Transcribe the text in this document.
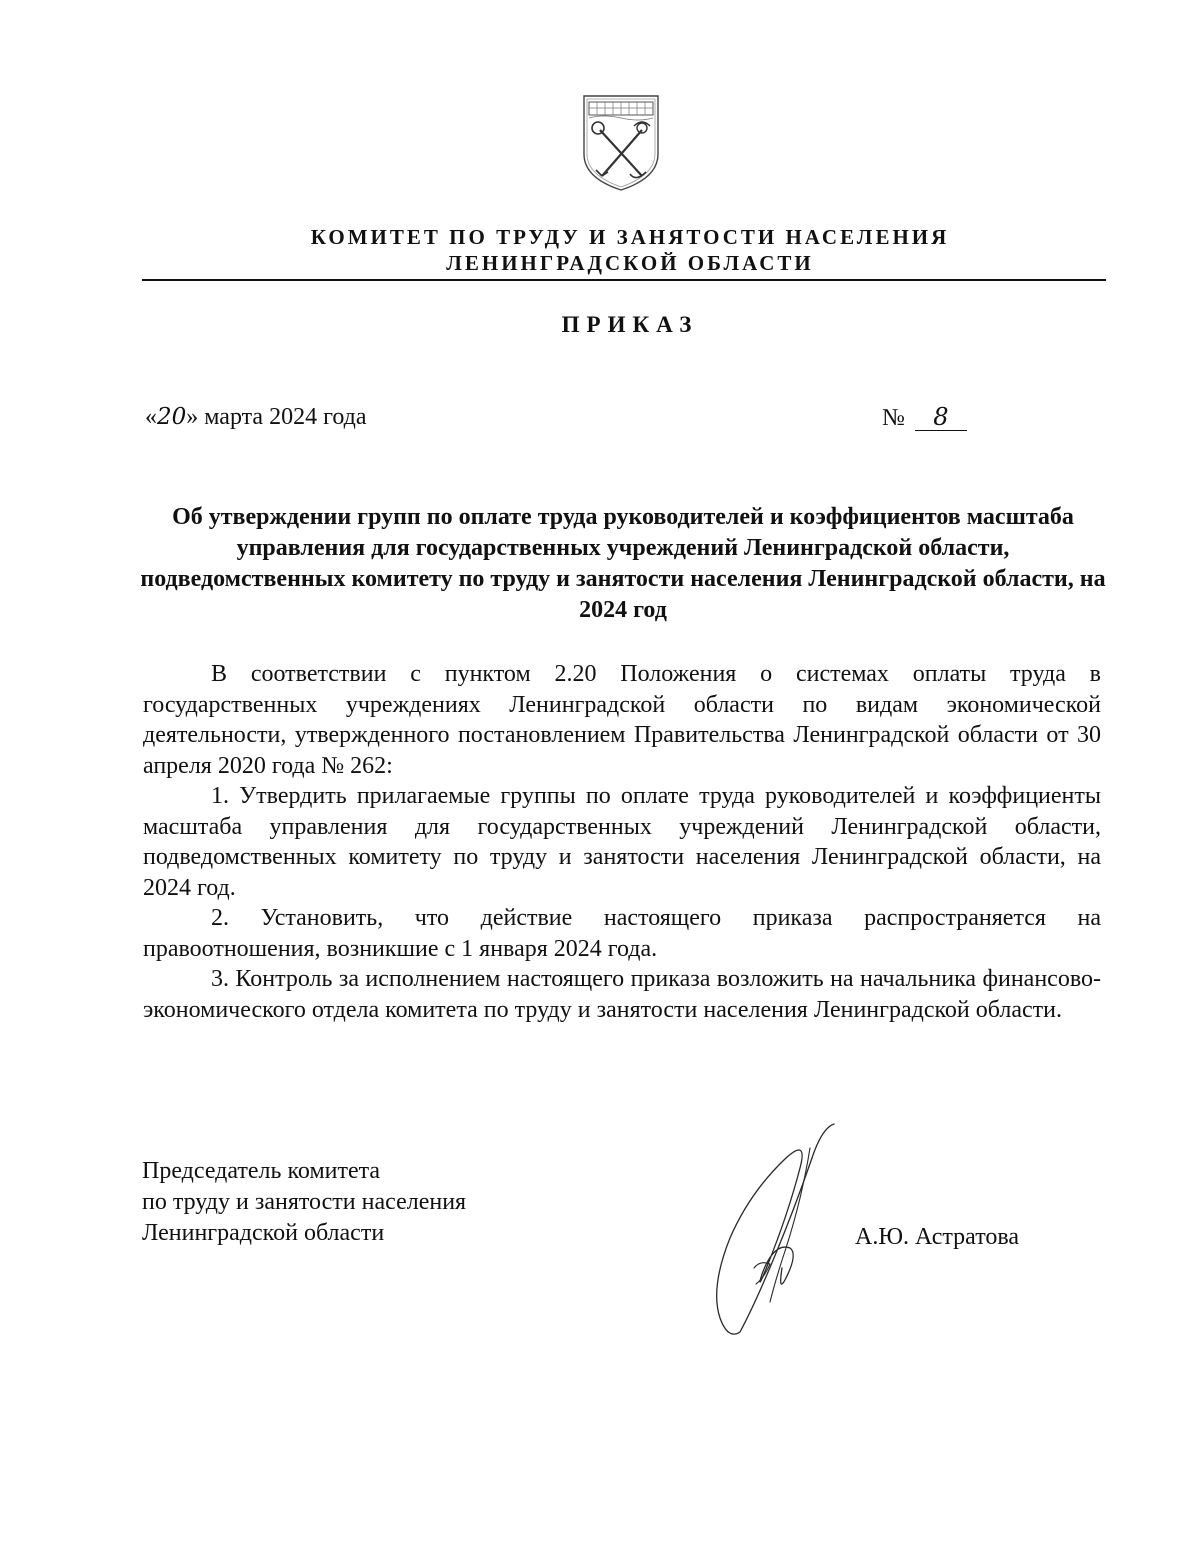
КОМИТЕТ ПО ТРУДУ И ЗАНЯТОСТИ НАСЕЛЕНИЯ
ЛЕНИНГРАДСКОЙ ОБЛАСТИ
ПРИКАЗ
«20» марта 2024 года	№ 8
Об утверждении групп по оплате труда руководителей и коэффициентов масштаба управления для государственных учреждений Ленинградской области, подведомственных комитету по труду и занятости населения Ленинградской области, на 2024 год

В соответствии с пунктом 2.20 Положения о системах оплаты труда в государственных учреждениях Ленинградской области по видам экономической деятельности, утвержденного постановлением Правительства Ленинградской области от 30 апреля 2020 года № 262:

1. Утвердить прилагаемые группы по оплате труда руководителей и коэффициенты масштаба управления для государственных учреждений Ленинградской области, подведомственных комитету по труду и занятости населения Ленинградской области, на 2024 год.

2. Установить, что действие настоящего приказа распространяется на правоотношения, возникшие с 1 января 2024 года.

3. Контроль за исполнением настоящего приказа возложить на начальника финансово-экономического отдела комитета по труду и занятости населения Ленинградской области.

Председатель комитета
по труду и занятости населения
Ленинградской области	А.Ю. Астратова
